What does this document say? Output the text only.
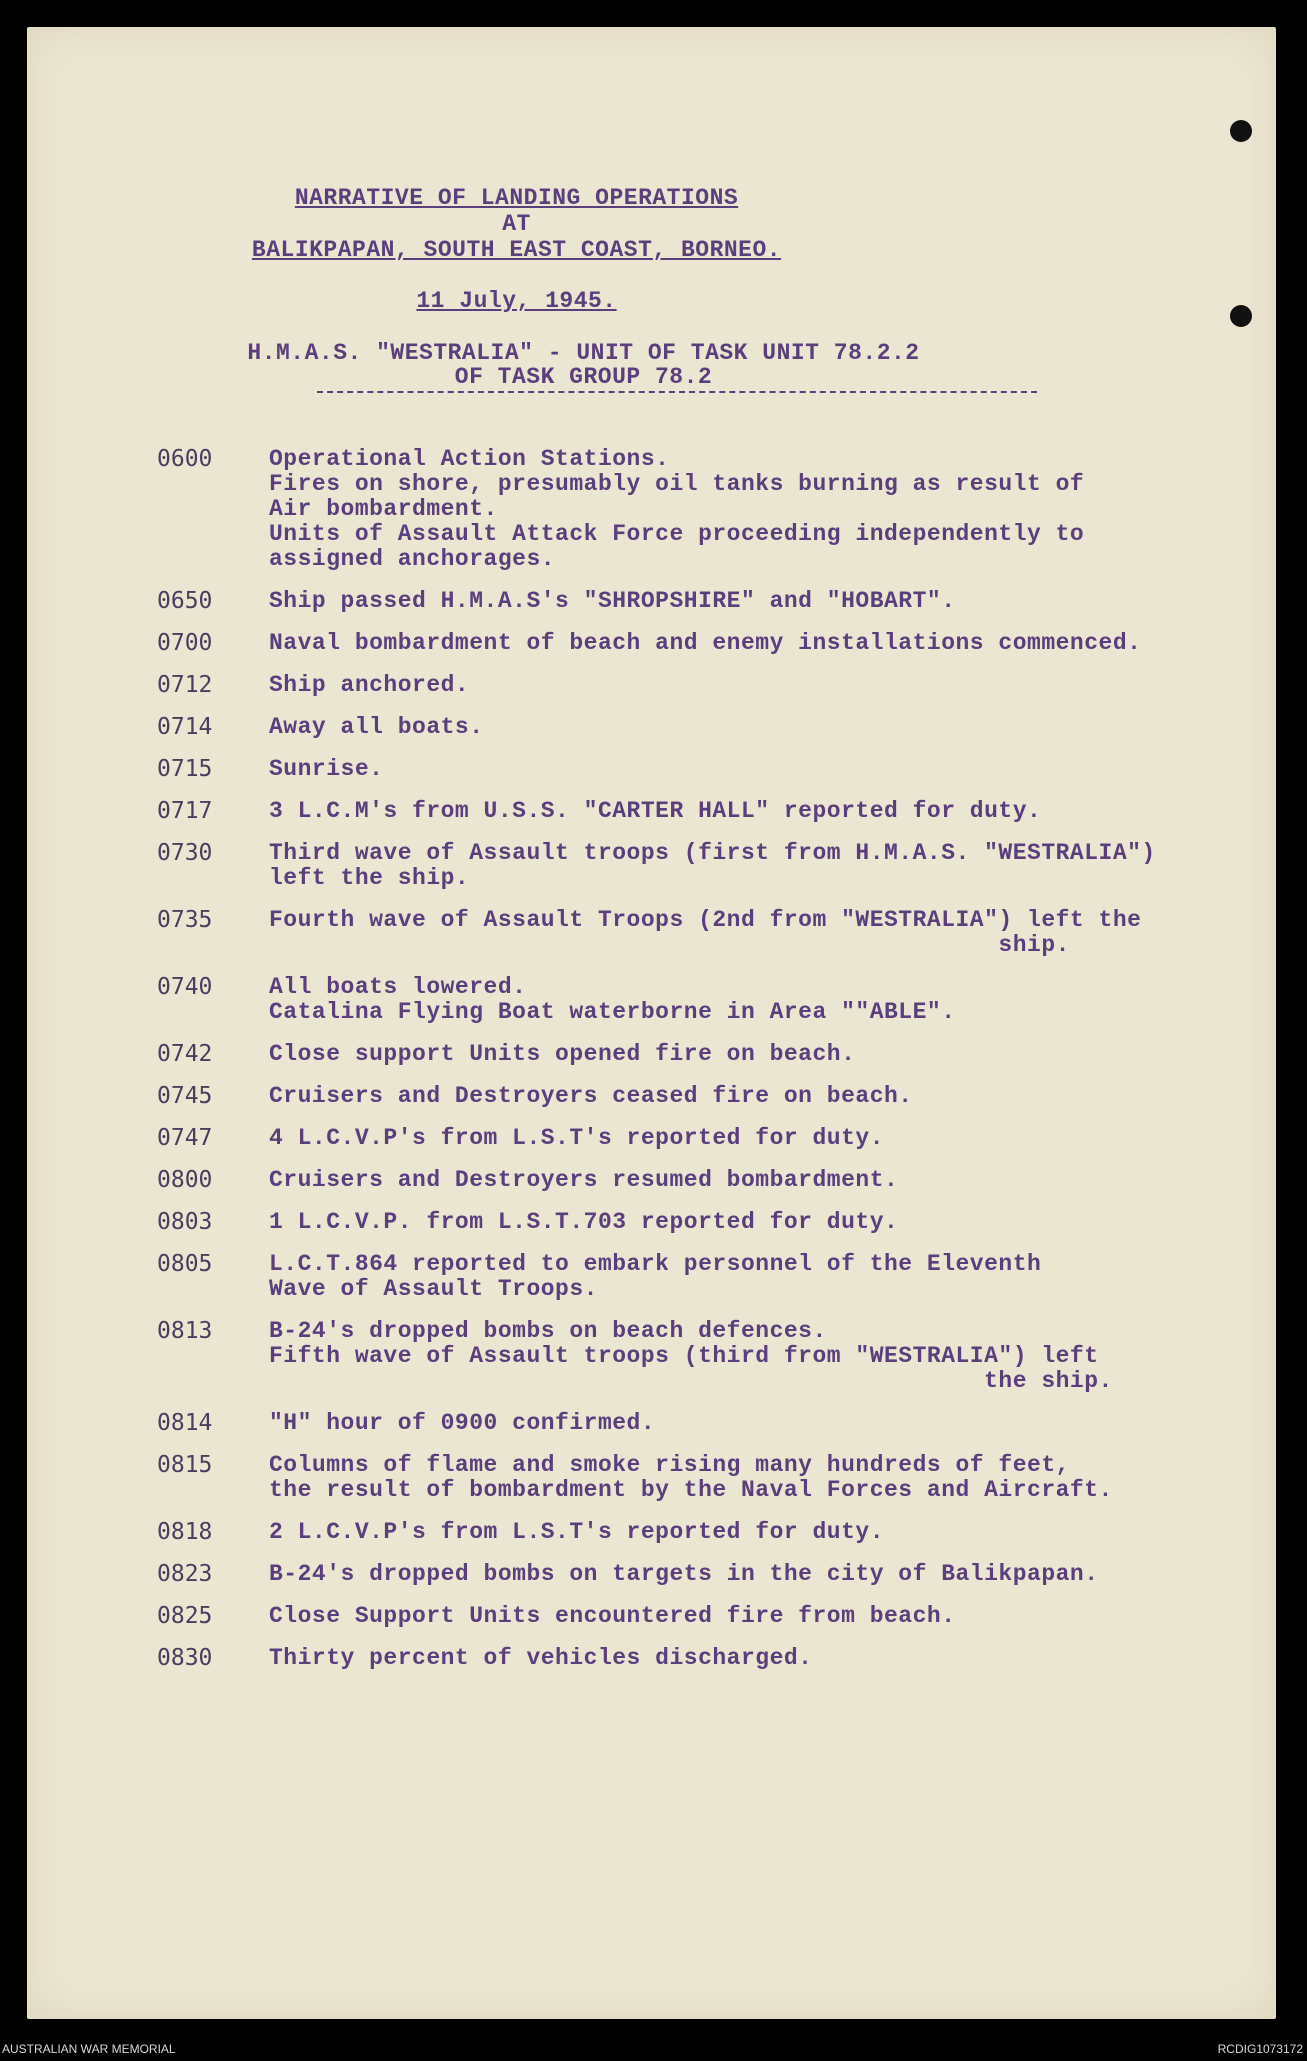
NARRATIVE OF LANDING OPERATIONS
AT
BALIKPAPAN, SOUTH EAST COAST, BORNEO.
11 July, 1945.
H.M.A.S. "WESTRALIA" - UNIT OF TASK UNIT 78.2.2
OF TASK GROUP 78.2
0600	Operational Action Stations.
Fires on shore, presumably oil tanks burning as result of
Air bombardment.
Units of Assault Attack Force proceeding independently to
assigned anchorages.
0650	Ship passed H.M.A.S's "SHROPSHIRE" and "HOBART".
0700	Naval bombardment of beach and enemy installations commenced.
0712	Ship anchored.
0714	Away all boats.
0715	Sunrise.
0717	3 L.C.M's from U.S.S. "CARTER HALL" reported for duty.
0730	Third wave of Assault troops (first from H.M.A.S. "WESTRALIA")
left the ship.
0735	Fourth wave of Assault Troops (2nd from "WESTRALIA") left the
ship.
0740	All boats lowered.
Catalina Flying Boat waterborne in Area ""ABLE".
0742	Close support Units opened fire on beach.
0745	Cruisers and Destroyers ceased fire on beach.
0747	4 L.C.V.P's from L.S.T's reported for duty.
0800	Cruisers and Destroyers resumed bombardment.
0803	1 L.C.V.P. from L.S.T.703 reported for duty.
0805	L.C.T.864 reported to embark personnel of the Eleventh
Wave of Assault Troops.
0813	B-24's dropped bombs on beach defences.
Fifth wave of Assault troops (third from "WESTRALIA") left
the ship.
0814	"H" hour of 0900 confirmed.
0815	Columns of flame and smoke rising many hundreds of feet,
the result of bombardment by the Naval Forces and Aircraft.
0818	2 L.C.V.P's from L.S.T's reported for duty.
0823	B-24's dropped bombs on targets in the city of Balikpapan.
0825	Close Support Units encountered fire from beach.
0830	Thirty percent of vehicles discharged.
AUSTRALIAN WAR MEMORIAL	RCDIG1073172
